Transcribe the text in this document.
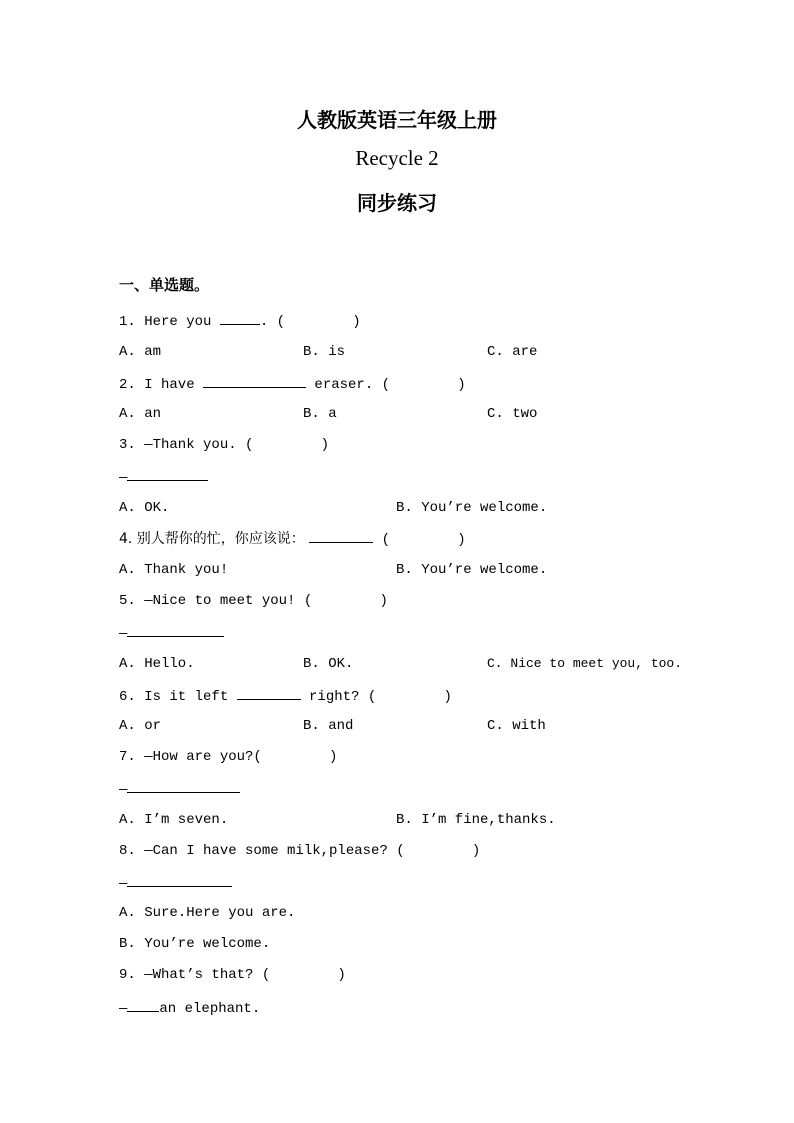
人教版英语三年级上册
Recycle 2
同步练习
一、单选题。
1. Here you	. (        )
A. am	B. is	C. are
2. I have	eraser. (        )
A. an	B. a	C. two
3. —Thank you. (        )
—
A. OK.	B. You’re welcome.
4. 别人帮你的忙，你应该说：	(        )
A. Thank you!	B. You’re welcome.
5. —Nice to meet you! (        )
—
A. Hello.	B. OK.	C. Nice to meet you, too.
6. Is it left	right? (        )
A. or	B. and	C. with
7. —How are you?(        )
—
A. I’m seven.	B. I’m fine,thanks.
8. —Can I have some milk,please? (        )
—
A. Sure.Here you are.
B. You’re welcome.
9. —What’s that? (        )
— an elephant.
